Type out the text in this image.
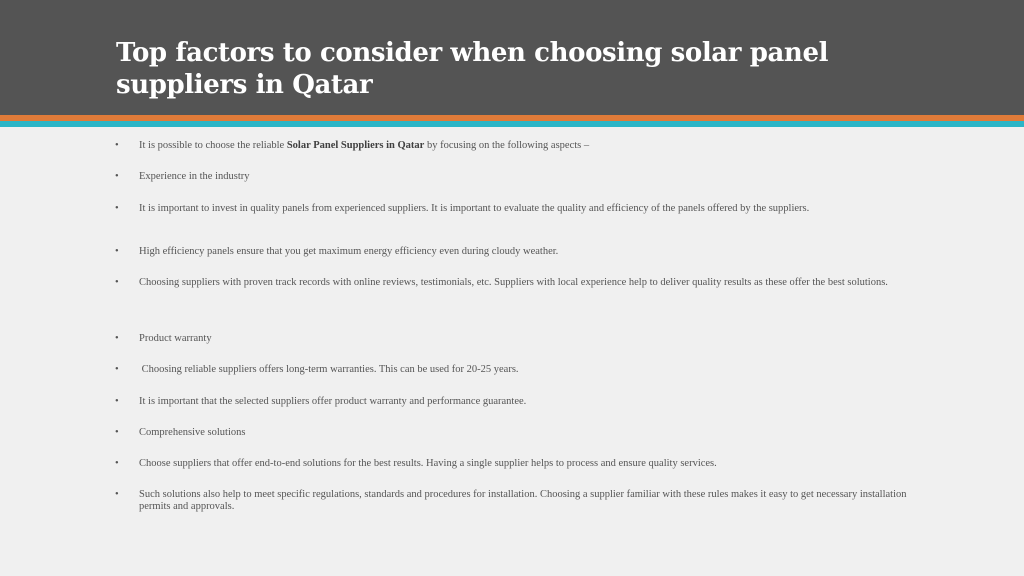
Top factors to consider when choosing solar panel suppliers in Qatar
•	It is possible to choose the reliable Solar Panel Suppliers in Qatar by focusing on the following aspects –
•	Experience in the industry
•	It is important to invest in quality panels from experienced suppliers. It is important to evaluate the quality and efficiency of the panels offered by the suppliers.
•	High efficiency panels ensure that you get maximum energy efficiency even during cloudy weather.
•	Choosing suppliers with proven track records with online reviews, testimonials, etc. Suppliers with local experience help to deliver quality results as these offer the best solutions.
•	Product warranty
•	Choosing reliable suppliers offers long-term warranties. This can be used for 20-25 years.
•	It is important that the selected suppliers offer product warranty and performance guarantee.
•	Comprehensive solutions
•	Choose suppliers that offer end-to-end solutions for the best results. Having a single supplier helps to process and ensure quality services.
•	Such solutions also help to meet specific regulations, standards and procedures for installation. Choosing a supplier familiar with these rules makes it easy to get necessary installation permits and approvals.
